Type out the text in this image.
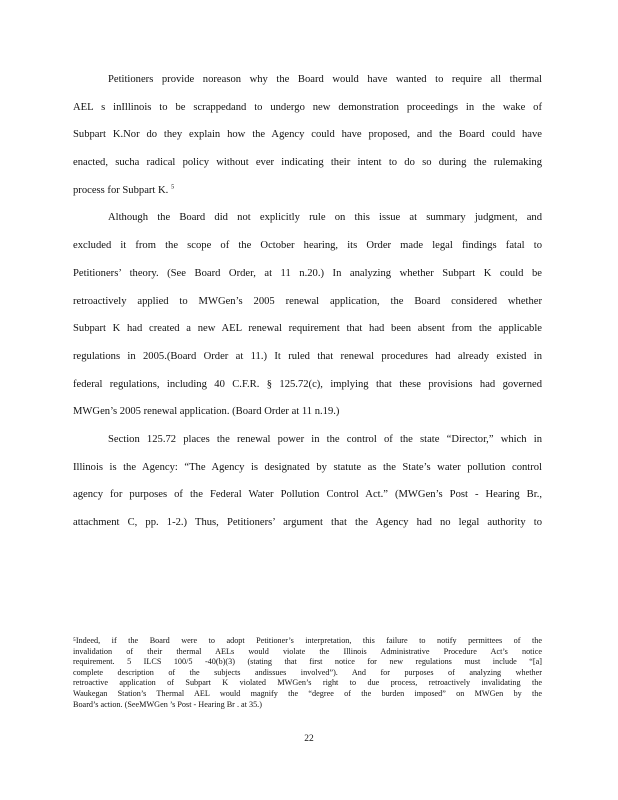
Petitioners provide noreason why the Board would have wanted to require all thermal
AEL s inIllinois to be scrappedand to undergo new demonstration proceedings in the wake of
Subpart K.Nor do they explain how the Agency could have proposed, and the Board could have
enacted, sucha radical policy without ever indicating their intent to do so during the rulemaking
process for Subpart K. $^5$
Although the Board did not explicitly rule on this issue at summary judgment, and
excluded it from the scope of the October hearing, its Order made legal findings fatal to
Petitioners’ theory. (See Board Order, at 11 n.20.) In analyzing whether Subpart K could be
retroactively applied to MWGen’s 2005 renewal application, the Board considered whether
Subpart K had created a new AEL renewal requirement that had been absent from the applicable
regulations in 2005.(Board Order at 11.) It ruled that renewal procedures had already existed in
federal regulations, including 40 C.F.R. § 125.72(c), implying that these provisions had governed
MWGen’s 2005 renewal application. (Board Order at 11 n.19.)
Section 125.72 places the renewal power in the control of the state “Director,” which in
Illinois is the Agency: “The Agency is designated by statute as the State’s water pollution control
agency for purposes of the Federal Water Pollution Control Act.” (MWGen’s Post - Hearing Br.,
attachment C, pp. 1-2.) Thus, Petitioners’ argument that the Agency had no legal authority to
⁵Indeed, if the Board were to adopt Petitioner’s interpretation, this failure to notify permittees of the
invalidation of their thermal AELs would violate the Illinois Administrative Procedure Act’s notice
requirement. 5 ILCS 100/5 -40(b)(3) (stating that first notice for new regulations must include “[a]
complete description of the subjects andissues involved”). And for purposes of analyzing whether
retroactive application of Subpart K violated MWGen’s right to due process, retroactively invalidating the
Waukegan Station’s Thermal AEL would magnify the “degree of the burden imposed” on MWGen by the
Board’s action. (SeeMWGen ’s Post - Hearing Br . at 35.)
22
